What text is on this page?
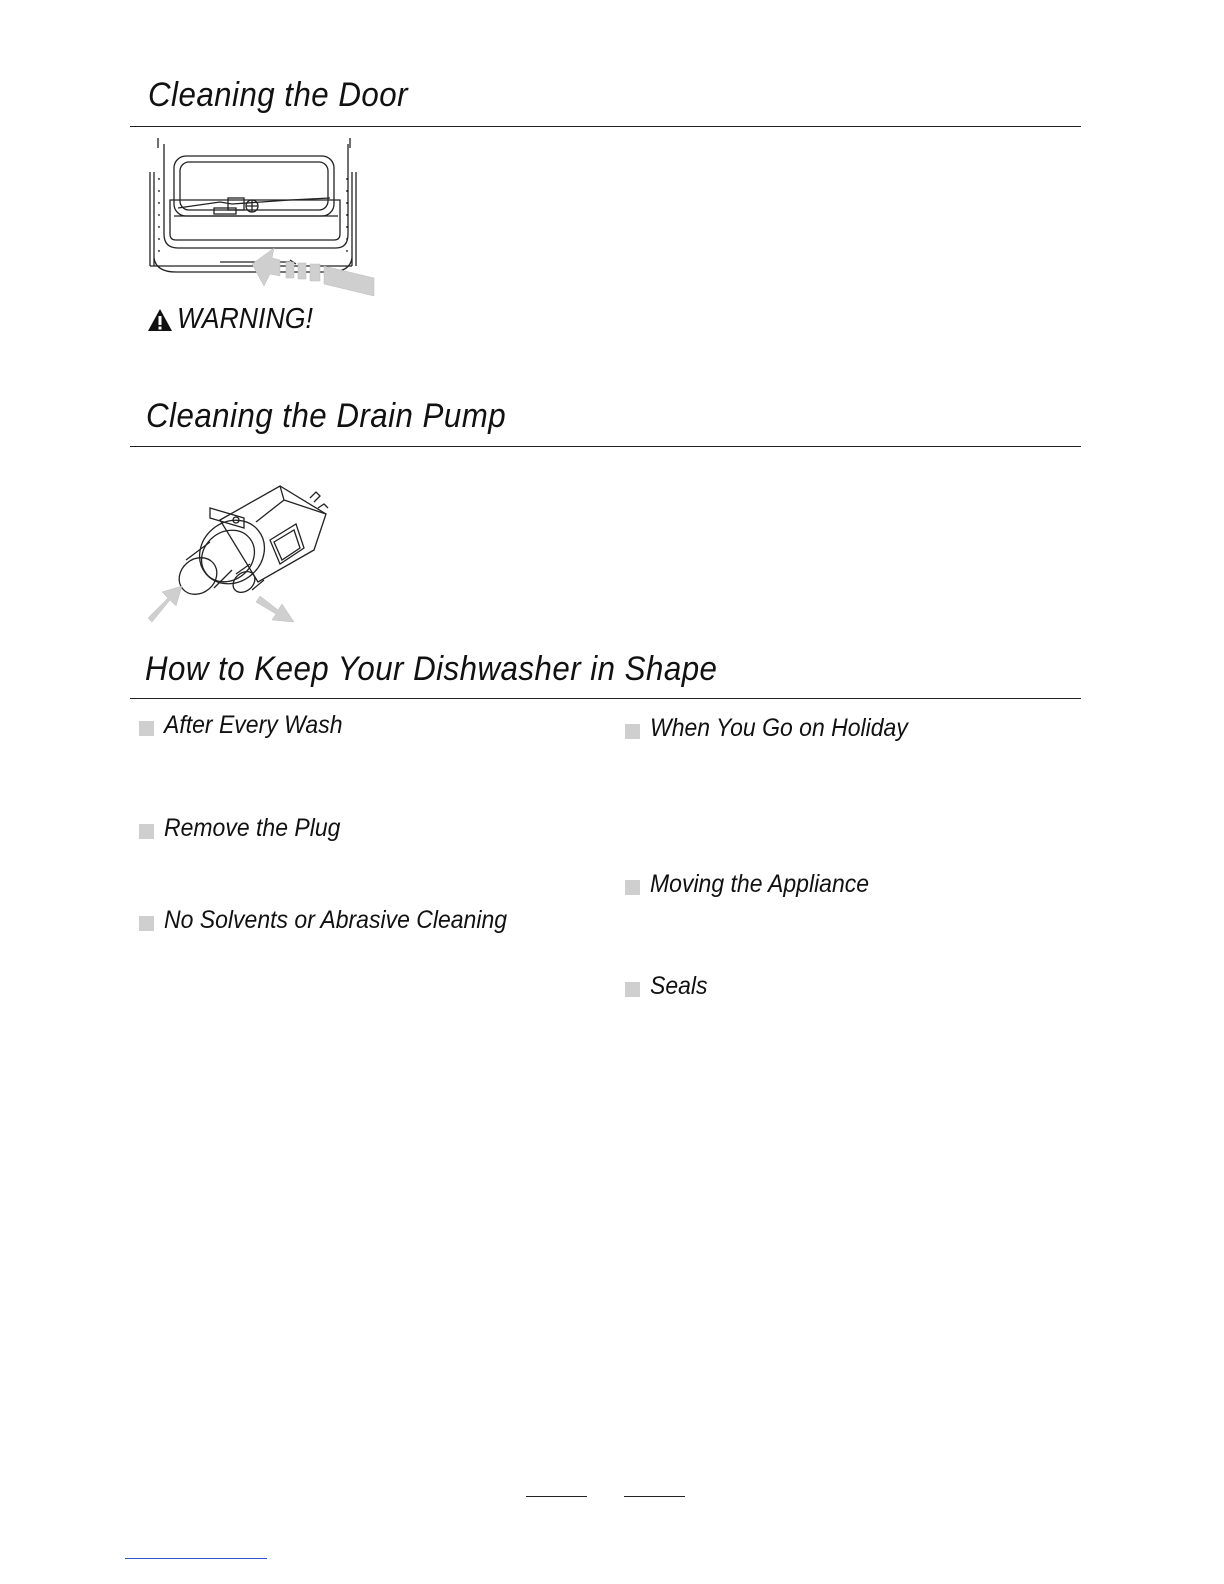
Cleaning the Door
WARNING!
Cleaning the Drain Pump
How to Keep Your Dishwasher in Shape
After Every Wash
Remove the Plug
No Solvents or Abrasive Cleaning
When You Go on Holiday
Moving the Appliance
Seals
